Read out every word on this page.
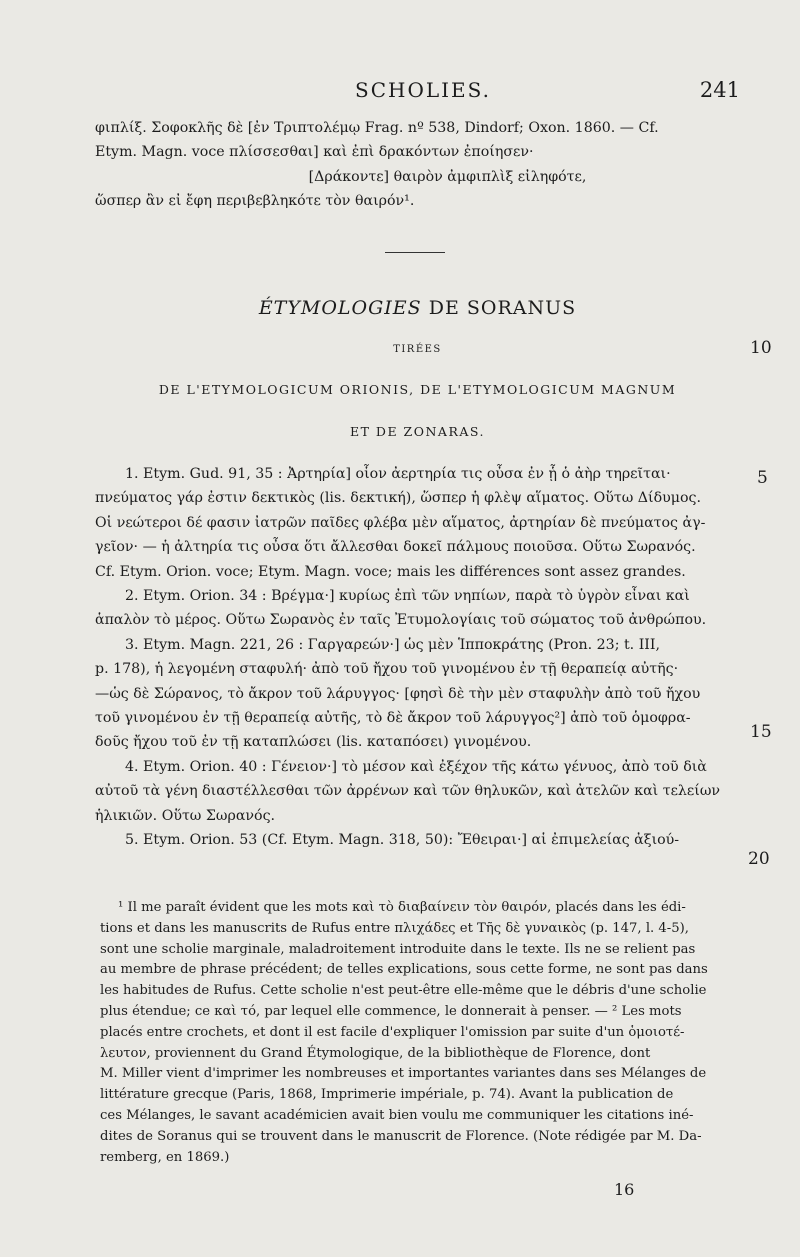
SCHOLIES.	241
φιπλίξ. Σοφοκλῆς δὲ [ἐν Τριπτολέμῳ Frag. nº 538, Dindorf; Oxon. 1860. — Cf.
Etym. Magn. voce πλίσσεσθαι] καὶ ἐπὶ δρακόντων ἐποίησεν·
[Δράκοντε] θαιρὸν ἀμφιπλὶξ εἰληφότε,
ὥσπερ ἂν εἰ ἔφη περιβεβληκότε τὸν θαιρόν¹.
ÉTYMOLOGIES DE SORANUS
TIRÉES
DE L'ETYMOLOGICUM ORIONIS, DE L'ETYMOLOGICUM MAGNUM
ET DE ZONARAS.
1. Etym. Gud. 91, 35 : Ἀρτηρία] οἷον ἀερτηρία τις οὖσα ἐν ᾗ ὁ ἀὴρ τηρεῖται·
πνεύματος γάρ ἐστιν δεκτικὸς (lis. δεκτική), ὥσπερ ἡ φλὲψ αἵματος. Οὕτω Δίδυμος.
Οἱ νεώτεροι δέ φασιν ἰατρῶν παῖδες φλέβα μὲν αἵματος, ἀρτηρίαν δὲ πνεύματος ἀγ-
γεῖον· — ἡ ἀλτηρία τις οὖσα ὅτι ἄλλεσθαι δοκεῖ πάλμους ποιοῦσα. Οὕτω Σωρανός.
Cf. Etym. Orion. voce; Etym. Magn. voce; mais les différences sont assez grandes.
2. Etym. Orion. 34 : Βρέγμα·] κυρίως ἐπὶ τῶν νηπίων, παρὰ τὸ ὑγρὸν εἶναι καὶ
ἁπαλὸν τὸ μέρος. Οὕτω Σωρανὸς ἐν ταῖς Ἐτυμολογίαις τοῦ σώματος τοῦ ἀνθρώπου.
3. Etym. Magn. 221, 26 : Γαργαρεών·] ὡς μὲν Ἱπποκράτης (Pron. 23; t. III,
p. 178), ἡ λεγομένη σταφυλή· ἀπὸ τοῦ ἤχου τοῦ γινομένου ἐν τῇ θεραπείᾳ αὐτῆς·
—ὡς δὲ Σώρανος, τὸ ἄκρον τοῦ λάρυγγος· [φησὶ δὲ τὴν μὲν σταφυλὴν ἀπὸ τοῦ ἤχου
τοῦ γινομένου ἐν τῇ θεραπείᾳ αὐτῆς, τὸ δὲ ἄκρον τοῦ λάρυγγος²] ἀπὸ τοῦ ὁμοφρα-
δοῦς ἤχου τοῦ ἐν τῇ καταπλώσει (lis. καταπόσει) γινομένου.
4. Etym. Orion. 40 : Γένειον·] τὸ μέσον καὶ ἐξέχον τῆς κάτω γένυος, ἀπὸ τοῦ διὰ
αὐτοῦ τὰ γένη διαστέλλεσθαι τῶν ἀρρένων καὶ τῶν θηλυκῶν, καὶ ἀτελῶν καὶ τελείων
ἡλικιῶν. Οὕτω Σωρανός.
5. Etym. Orion. 53 (Cf. Etym. Magn. 318, 50): Ἔθειραι·] αἱ ἐπιμελείας ἀξιού-
5
10
15
20
¹ Il me paraît évident que les mots καὶ τὸ διαβαίνειν τὸν θαιρόν, placés dans les édi-
tions et dans les manuscrits de Rufus entre πλιχάδες et Τῆς δὲ γυναικὸς (p. 147, l. 4-5),
sont une scholie marginale, maladroitement introduite dans le texte. Ils ne se relient pas
au membre de phrase précédent; de telles explications, sous cette forme, ne sont pas dans
les habitudes de Rufus. Cette scholie n'est peut-être elle-même que le débris d'une scholie
plus étendue; ce καὶ τό, par lequel elle commence, le donnerait à penser. — ² Les mots
placés entre crochets, et dont il est facile d'expliquer l'omission par suite d'un ὁμοιοτέ-
λευτον, proviennent du Grand Étymologique, de la bibliothèque de Florence, dont
M. Miller vient d'imprimer les nombreuses et importantes variantes dans ses Mélanges de
littérature grecque (Paris, 1868, Imprimerie impériale, p. 74). Avant la publication de
ces Mélanges, le savant académicien avait bien voulu me communiquer les citations iné-
dites de Soranus qui se trouvent dans le manuscrit de Florence. (Note rédigée par M. Da-
remberg, en 1869.)
16
